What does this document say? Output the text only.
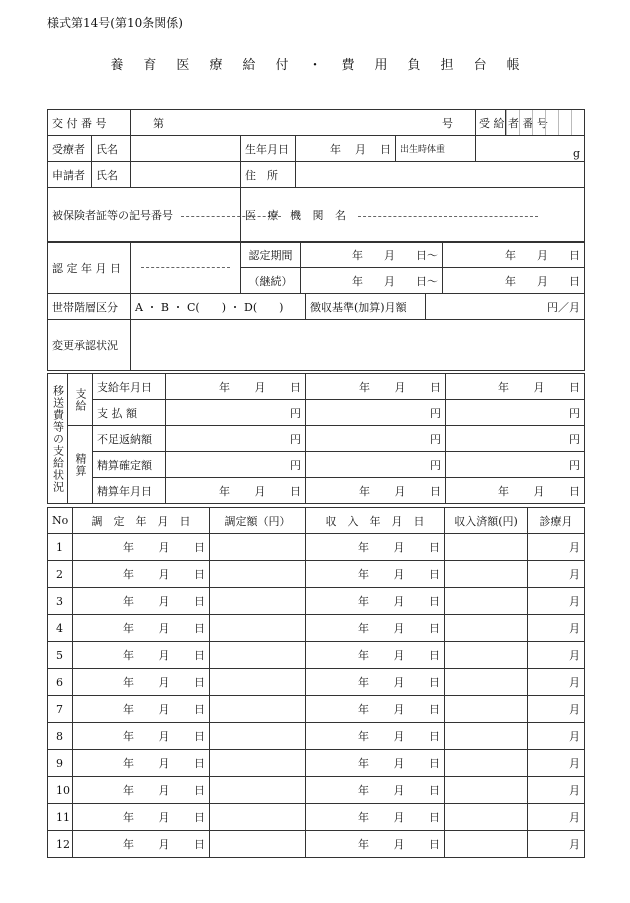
様式第14号(第10条関係)
養 育 医 療 給 付 ・ 費 用 負 担 台 帳
交 付 番 号		第 号				受 給 者 番 号	

受療者	氏名		生年月日	年 月 日	出生時体重	g	
申請者	氏名		住　所				
被保険者証等の記号番号			医 療 機 関 名				
認 定 年 月 日		認定期間	年 月 日～	年 月 日
		（継続）	年 月 日～	年 月 日
世帯階層区分	A ・ B ・ C(　　) ・ D(　　)	徴収基準(加算)月額	円／月
変更承認状況			
移送費等の支給状況	支給	支給年月日	年 月 日	年 月 日	年 月 日
		支 払 額	円	円	円
	精算	不足返納額	円	円	円
		精算確定額	円	円	円
		精算年月日	年 月 日	年 月 日	年 月 日
No	調　定　年　月　日	調定額（円）	収　入　年　月　日	収入済額(円)	診療月
1	年 月 日		年 月 日		月
2	年 月 日		年 月 日		月
3	年 月 日		年 月 日		月
4	年 月 日		年 月 日		月
5	年 月 日		年 月 日		月
6	年 月 日		年 月 日		月
7	年 月 日		年 月 日		月
8	年 月 日		年 月 日		月
9	年 月 日		年 月 日		月
10	年 月 日		年 月 日		月
11	年 月 日		年 月 日		月
12	年 月 日		年 月 日		月
